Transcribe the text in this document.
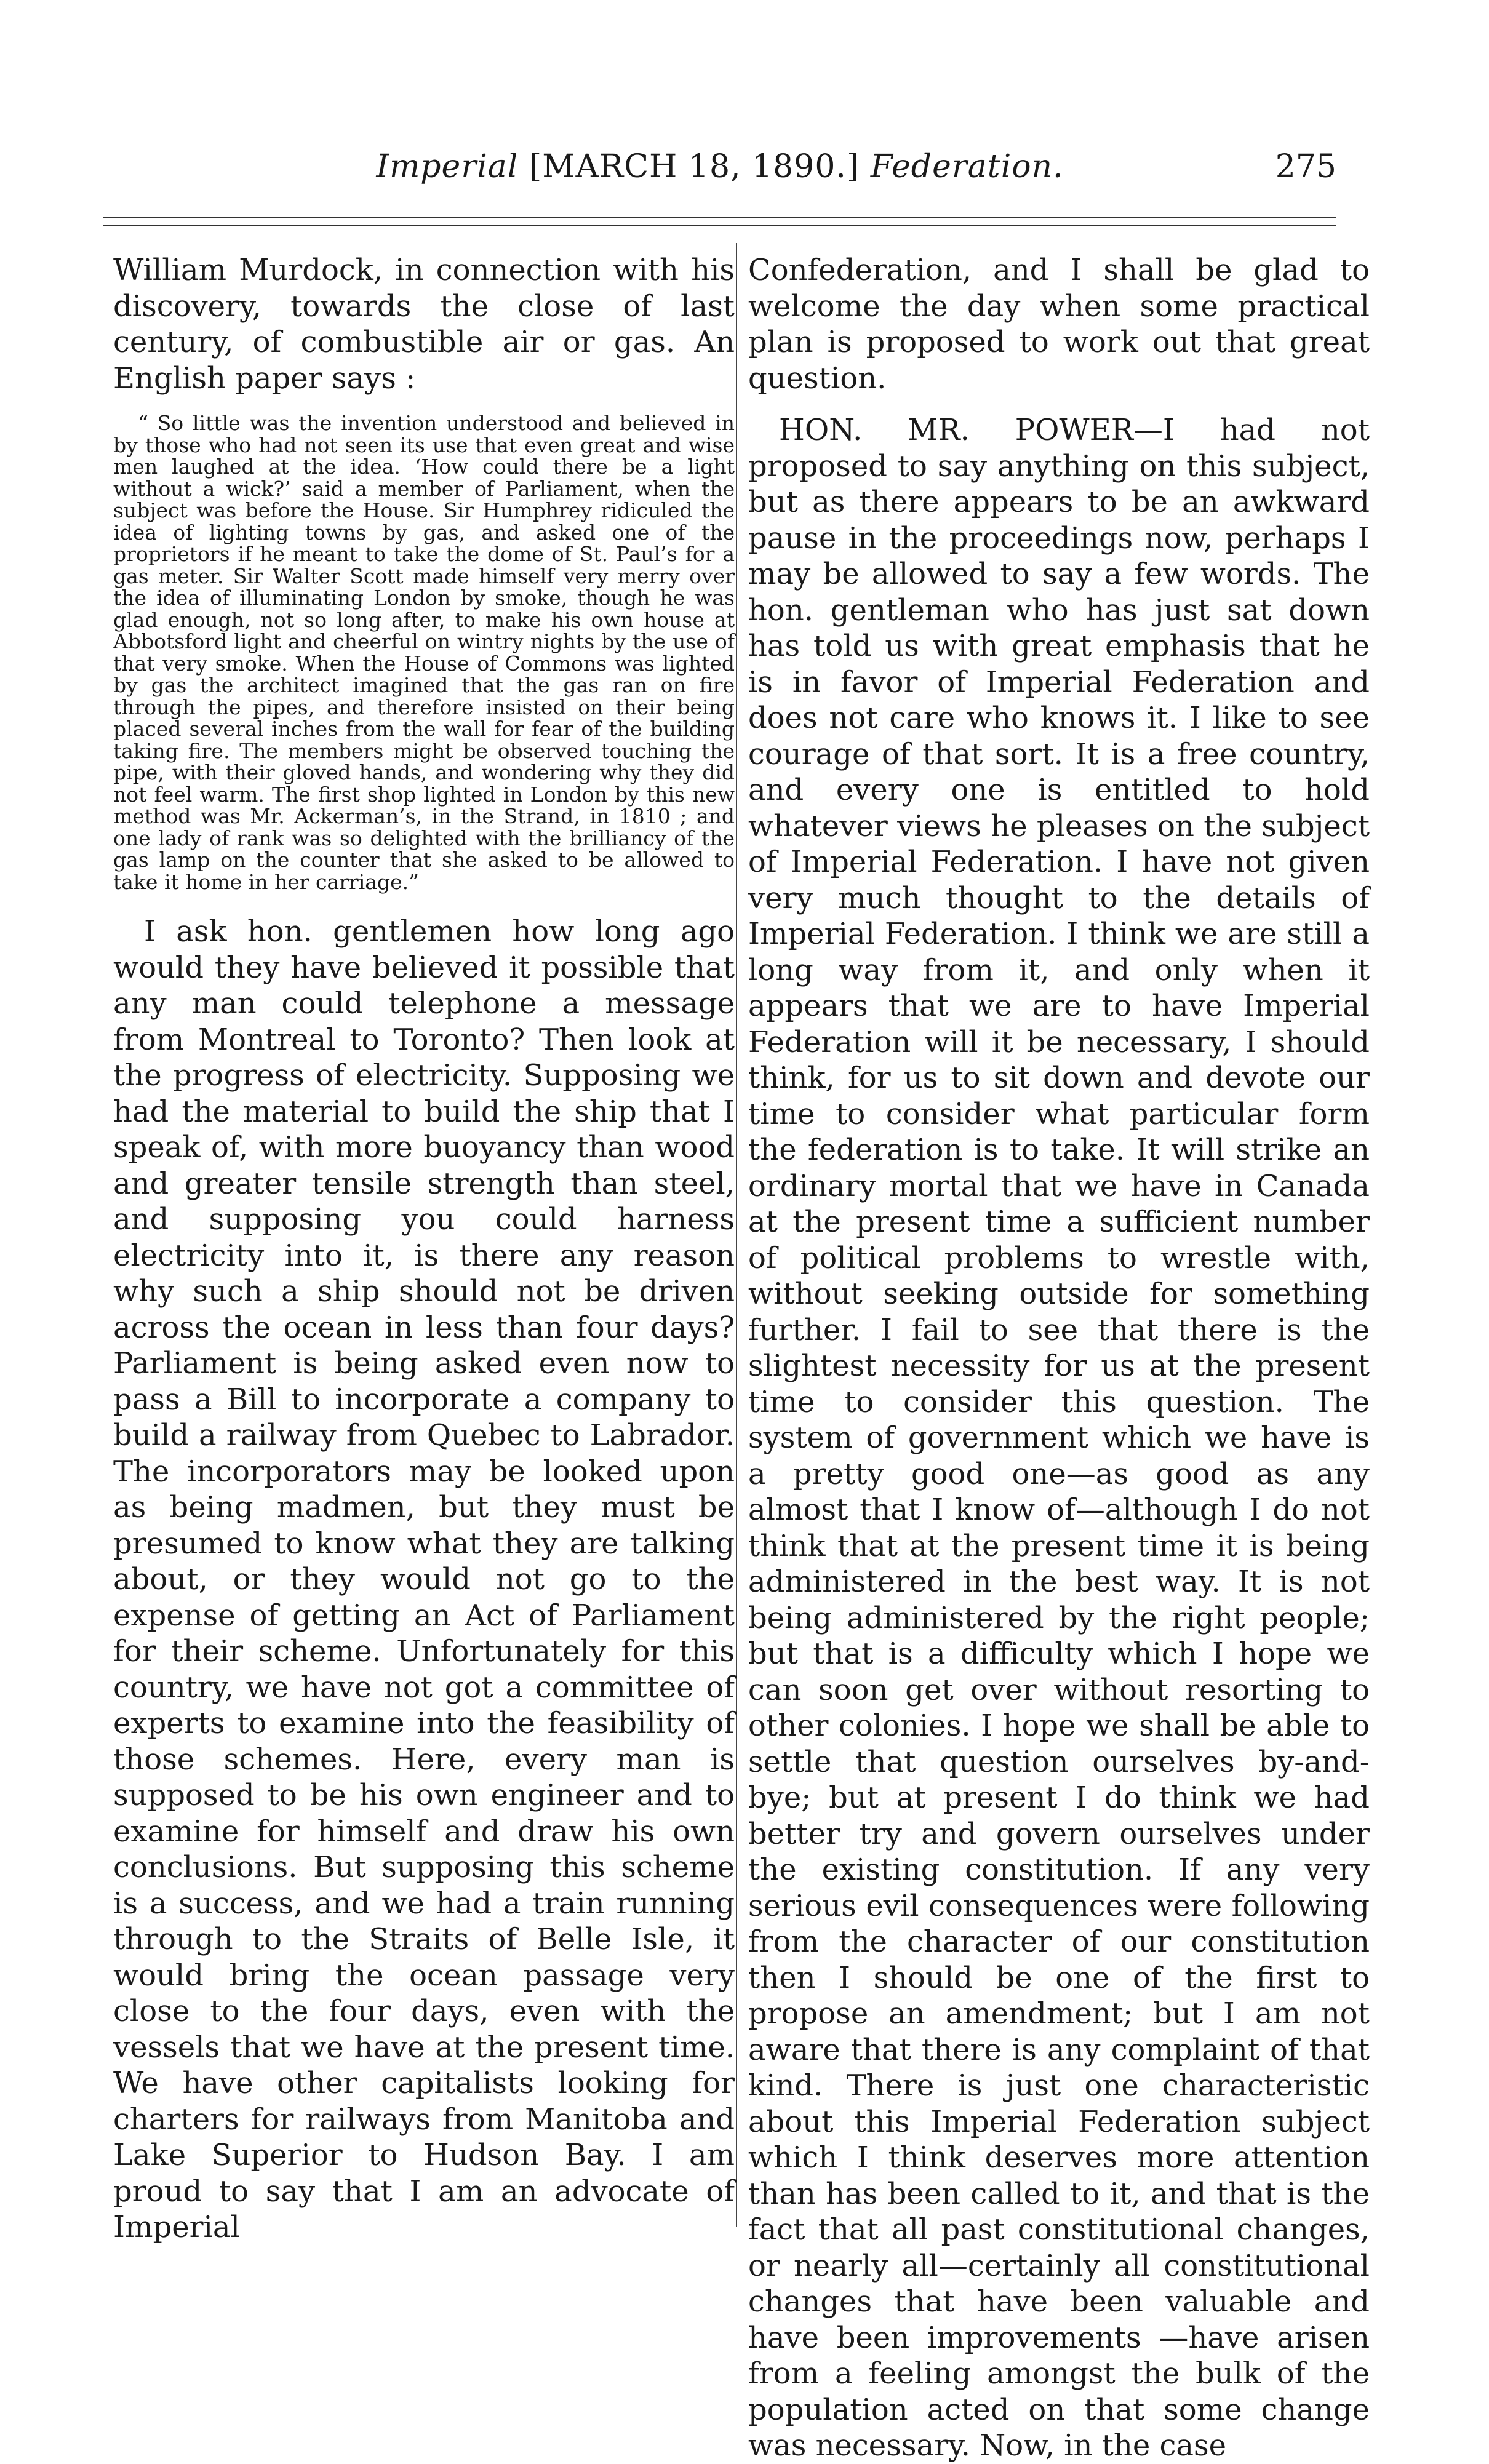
Imperial [MARCH 18, 1890.] Federation.	275

William Murdock, in connection with his discovery, towards the close of last century, of combustible air or gas. An English paper says :

“ So little was the invention understood and believed in by those who had not seen its use that even great and wise men laughed at the idea. ‘How could there be a light without a wick?’ said a member of Parliament, when the subject was before the House. Sir Humphrey ridiculed the idea of lighting towns by gas, and asked one of the proprietors if he meant to take the dome of St. Paul’s for a gas meter. Sir Walter Scott made himself very merry over the idea of illuminating London by smoke, though he was glad enough, not so long after, to make his own house at Abbotsford light and cheerful on wintry nights by the use of that very smoke. When the House of Commons was lighted by gas the architect imagined that the gas ran on fire through the pipes, and therefore insisted on their being placed several inches from the wall for fear of the building taking fire. The members might be observed touching the pipe, with their gloved hands, and wondering why they did not feel warm. The first shop lighted in London by this new method was Mr. Ackerman’s, in the Strand, in 1810 ; and one lady of rank was so delighted with the brilliancy of the gas lamp on the counter that she asked to be allowed to take it home in her carriage.”

I ask hon. gentlemen how long ago would they have believed it possible that any man could telephone a message from Montreal to Toronto? Then look at the progress of electricity. Supposing we had the material to build the ship that I speak of, with more buoyancy than wood and greater tensile strength than steel, and supposing you could harness electricity into it, is there any reason why such a ship should not be driven across the ocean in less than four days? Parliament is being asked even now to pass a Bill to incorporate a company to build a railway from Quebec to Labrador. The incorporators may be looked upon as being madmen, but they must be presumed to know what they are talking about, or they would not go to the expense of getting an Act of Parliament for their scheme. Unfortunately for this country, we have not got a committee of experts to examine into the feasibility of those schemes. Here, every man is supposed to be his own engineer and to examine for himself and draw his own conclusions. But supposing this scheme is a success, and we had a train running through to the Straits of Belle Isle, it would bring the ocean passage very close to the four days, even with the vessels that we have at the present time. We have other capitalists looking for charters for railways from Manitoba and Lake Superior to Hudson Bay. I am proud to say that I am an advocate of Imperial

Confederation, and I shall be glad to welcome the day when some practical plan is proposed to work out that great question.

HON. MR. POWER—I had not proposed to say anything on this subject, but as there appears to be an awkward pause in the proceedings now, perhaps I may be allowed to say a few words. The hon. gentleman who has just sat down has told us with great emphasis that he is in favor of Imperial Federation and does not care who knows it. I like to see courage of that sort. It is a free country, and every one is entitled to hold whatever views he pleases on the subject of Imperial Federation. I have not given very much thought to the details of Imperial Federation. I think we are still a long way from it, and only when it appears that we are to have Imperial Federation will it be necessary, I should think, for us to sit down and devote our time to consider what particular form the federation is to take. It will strike an ordinary mortal that we have in Canada at the present time a sufficient number of political problems to wrestle with, without seeking outside for something further. I fail to see that there is the slightest necessity for us at the present time to consider this question. The system of government which we have is a pretty good one—as good as any almost that I know of—although I do not think that at the present time it is being administered in the best way. It is not being administered by the right people; but that is a difficulty which I hope we can soon get over without resorting to other colonies. I hope we shall be able to settle that question ourselves by-and-bye; but at present I do think we had better try and govern ourselves under the existing constitution. If any very serious evil consequences were following from the character of our constitution then I should be one of the first to propose an amendment; but I am not aware that there is any complaint of that kind. There is just one characteristic about this Imperial Federation subject which I think deserves more attention than has been called to it, and that is the fact that all past constitutional changes, or nearly all—certainly all constitutional changes that have been valuable and have been improvements —have arisen from a feeling amongst the bulk of the population acted on that some change was necessary. Now, in the case
